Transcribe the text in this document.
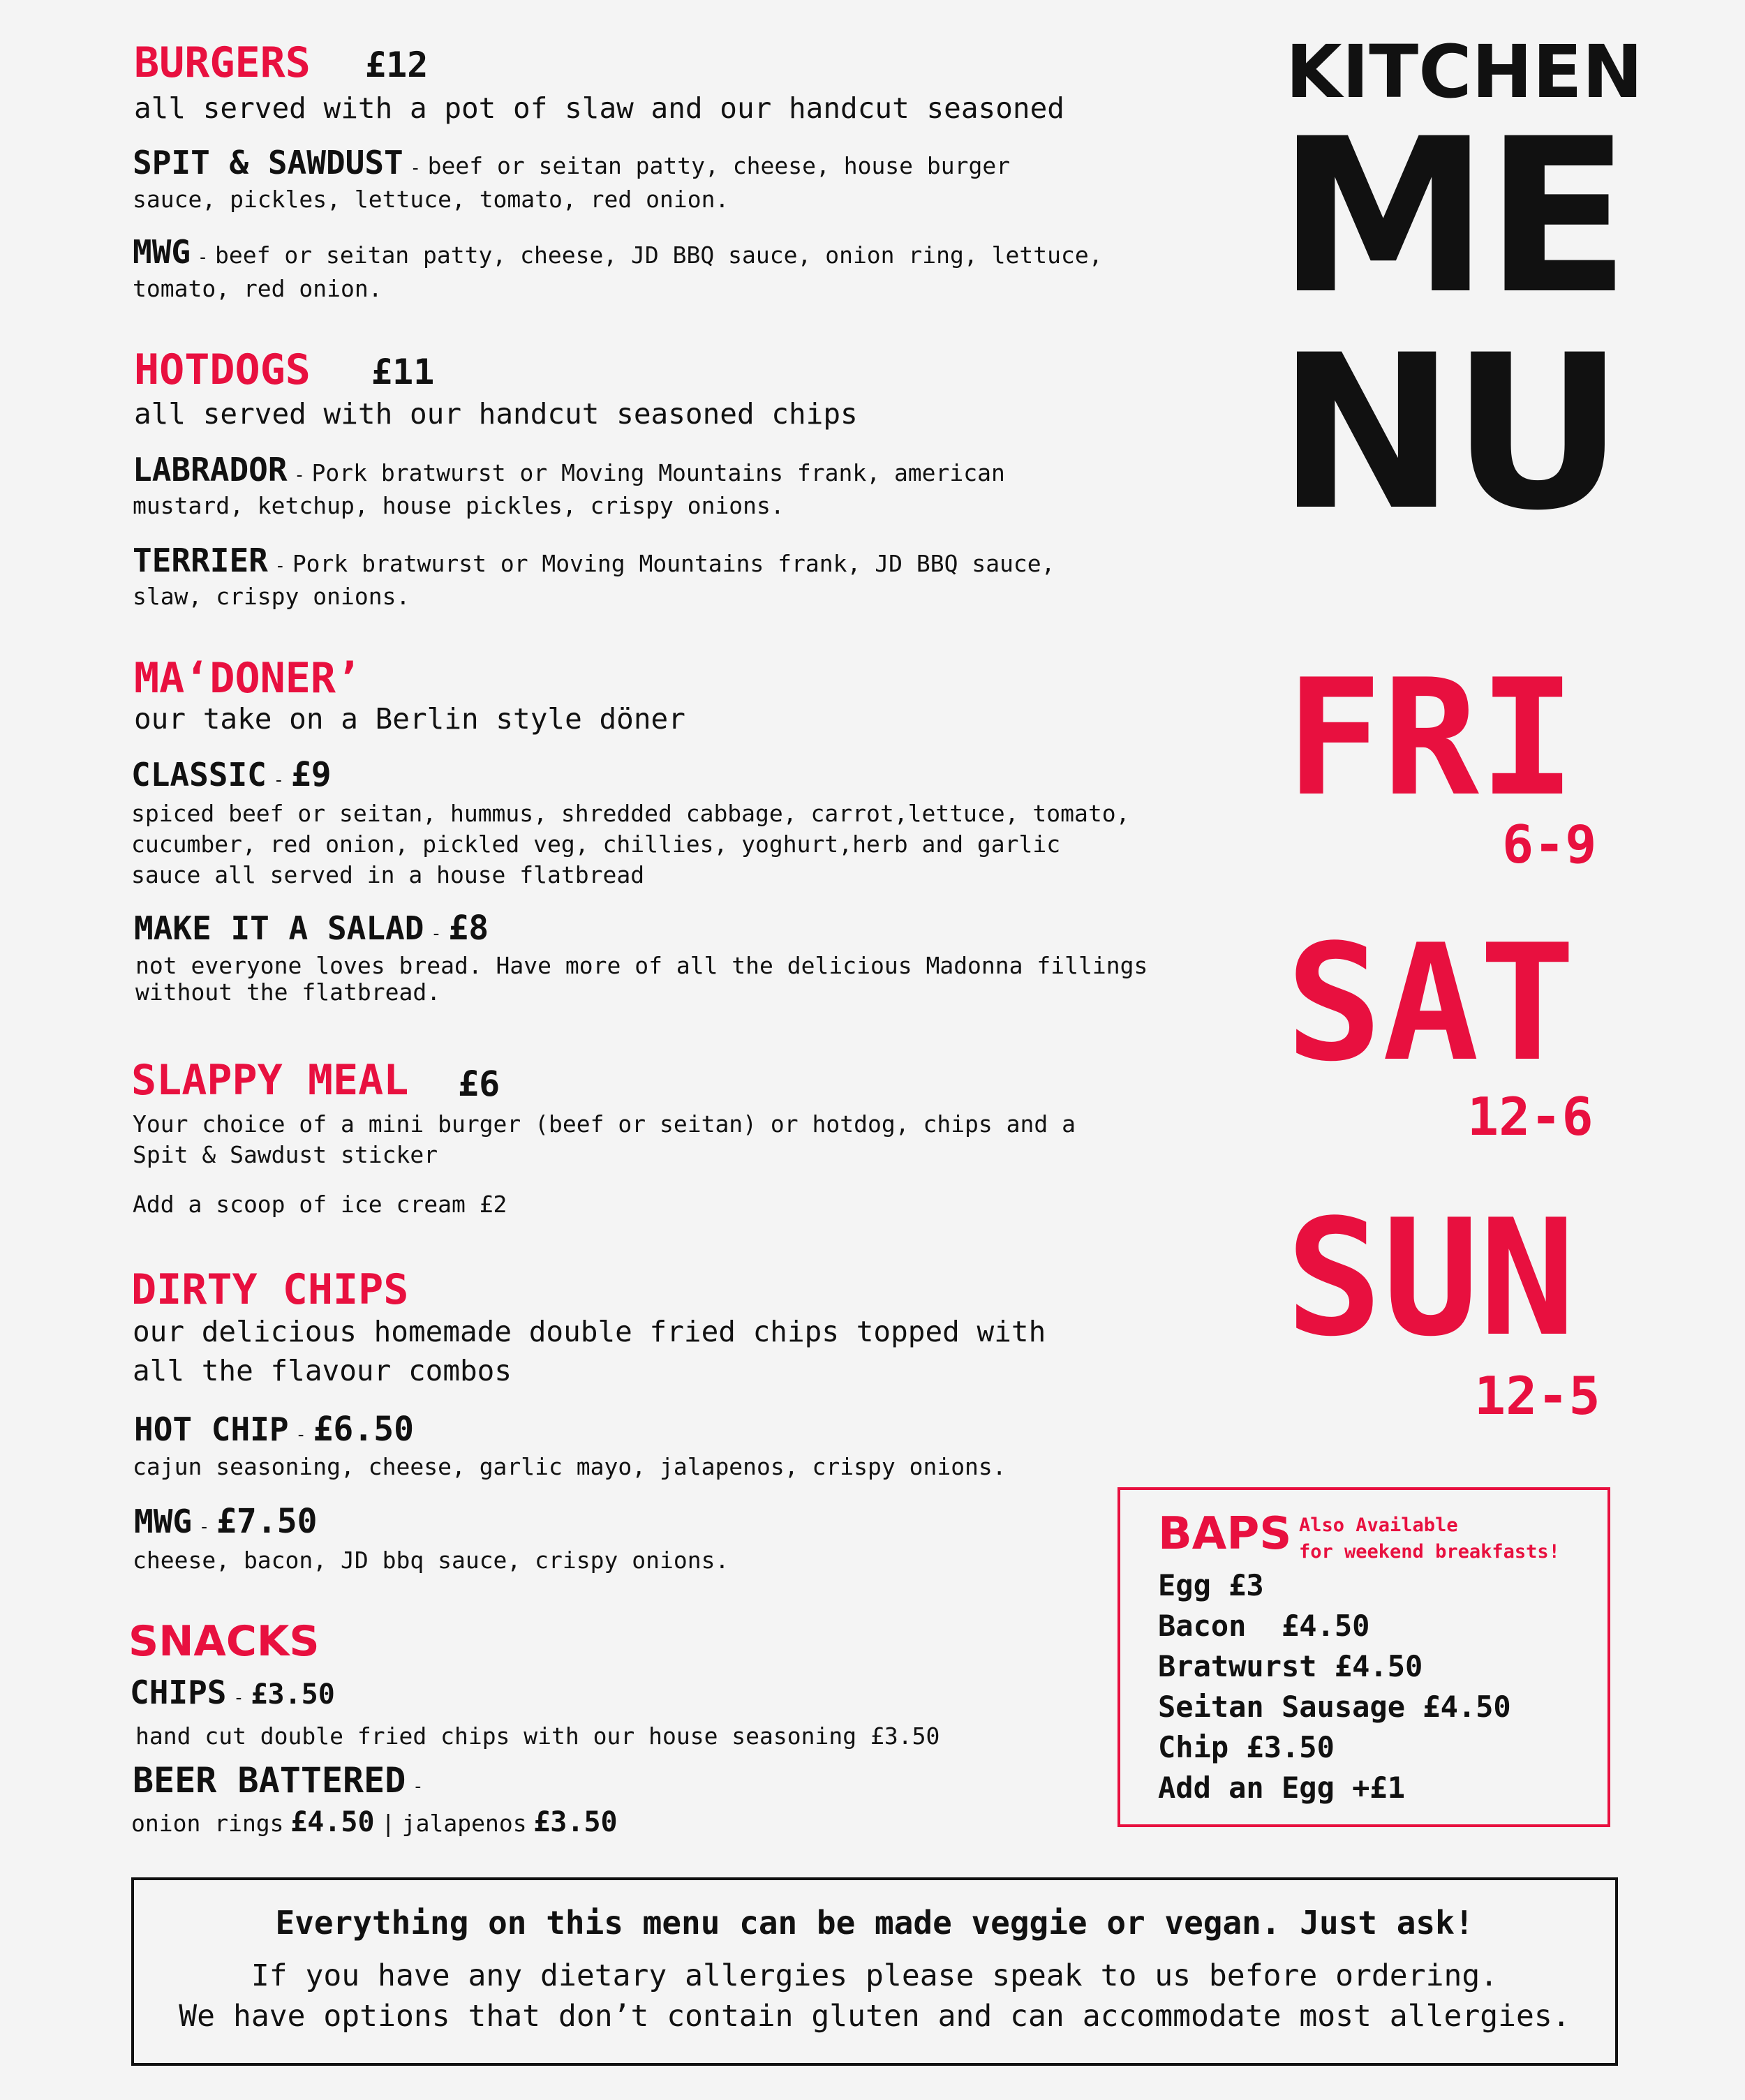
BURGERS £12
all served with a pot of slaw and our handcut seasoned
SPIT & SAWDUST - beef or seitan patty, cheese, house burger
sauce, pickles, lettuce, tomato, red onion.
MWG - beef or seitan patty, cheese, JD BBQ sauce, onion ring, lettuce,
tomato, red onion.
HOTDOGS £11
all served with our handcut seasoned chips
LABRADOR - Pork bratwurst or Moving Mountains frank, american
mustard, ketchup, house pickles, crispy onions.
TERRIER - Pork bratwurst or Moving Mountains frank, JD BBQ sauce,
slaw, crispy onions.
MA‘DONER’
our take on a Berlin style döner
CLASSIC - £9
spiced beef or seitan, hummus, shredded cabbage, carrot,lettuce, tomato,
cucumber, red onion, pickled veg, chillies, yoghurt,herb and garlic
sauce all served in a house flatbread
MAKE IT A SALAD - £8
not everyone loves bread. Have more of all the delicious Madonna fillings
without the flatbread.
SLAPPY MEAL £6
Your choice of a mini burger (beef or seitan) or hotdog, chips and a
Spit & Sawdust sticker
Add a scoop of ice cream £2
DIRTY CHIPS
our delicious homemade double fried chips topped with
all the flavour combos
HOT CHIP - £6.50
cajun seasoning, cheese, garlic mayo, jalapenos, crispy onions.
MWG - £7.50
cheese, bacon, JD bbq sauce, crispy onions.
SNACKS
CHIPS - £3.50
hand cut double fried chips with our house seasoning £3.50
BEER BATTERED -
onion rings £4.50 | jalapenos £3.50
KITCHEN
ME
NU
FRI
6-9
SAT
12-6
SUN
12-5
BAPS Also Available
for weekend breakfasts!
Egg £3
Bacon  £4.50
Bratwurst £4.50
Seitan Sausage £4.50
Chip £3.50
Add an Egg +£1
Everything on this menu can be made veggie or vegan. Just ask!
If you have any dietary allergies please speak to us before ordering.
We have options that don’t contain gluten and can accommodate most allergies.
